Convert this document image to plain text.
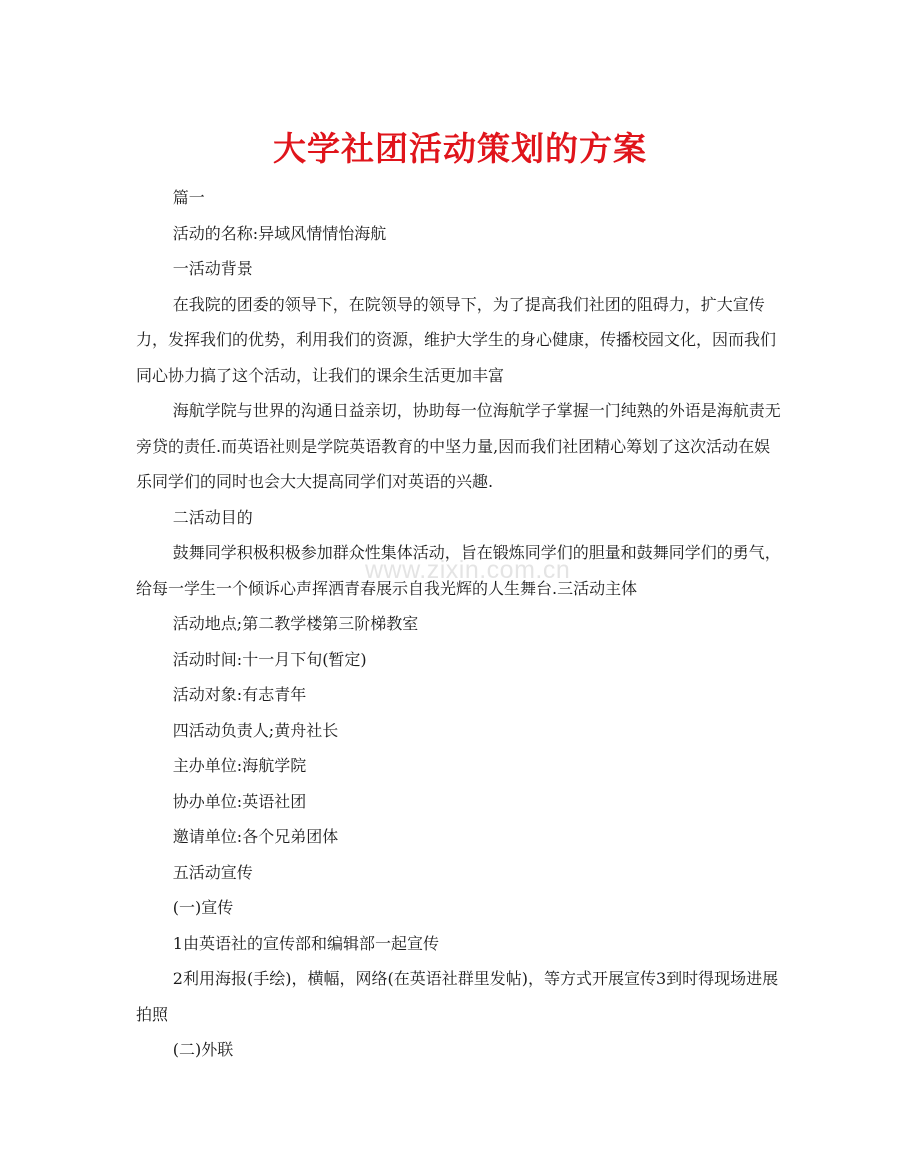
大学社团活动策划的方案

篇一

活动的名称:异域风情情怡海航

一活动背景

在我院的团委的领导下，在院领导的领导下，为了提高我们社团的阻碍力，扩大宣传力，发挥我们的优势，利用我们的资源，维护大学生的身心健康，传播校园文化，因而我们同心协力搞了这个活动，让我们的课余生活更加丰富

海航学院与世界的沟通日益亲切，协助每一位海航学子掌握一门纯熟的外语是海航责无旁贷的责任.而英语社则是学院英语教育的中坚力量,因而我们社团精心筹划了这次活动在娱乐同学们的同时也会大大提高同学们对英语的兴趣.

二活动目的

鼓舞同学积极积极参加群众性集体活动，旨在锻炼同学们的胆量和鼓舞同学们的勇气，给每一学生一个倾诉心声挥洒青春展示自我光辉的人生舞台.三活动主体

活动地点;第二教学楼第三阶梯教室

活动时间:十一月下旬(暂定)

活动对象:有志青年

四活动负责人;黄舟社长

主办单位:海航学院

协办单位:英语社团

邀请单位:各个兄弟团体

五活动宣传

(一)宣传

1由英语社的宣传部和编辑部一起宣传

2利用海报(手绘)，横幅，网络(在英语社群里发帖)，等方式开展宣传3到时得现场进展拍照

(二)外联

www.zixin.com.cn
